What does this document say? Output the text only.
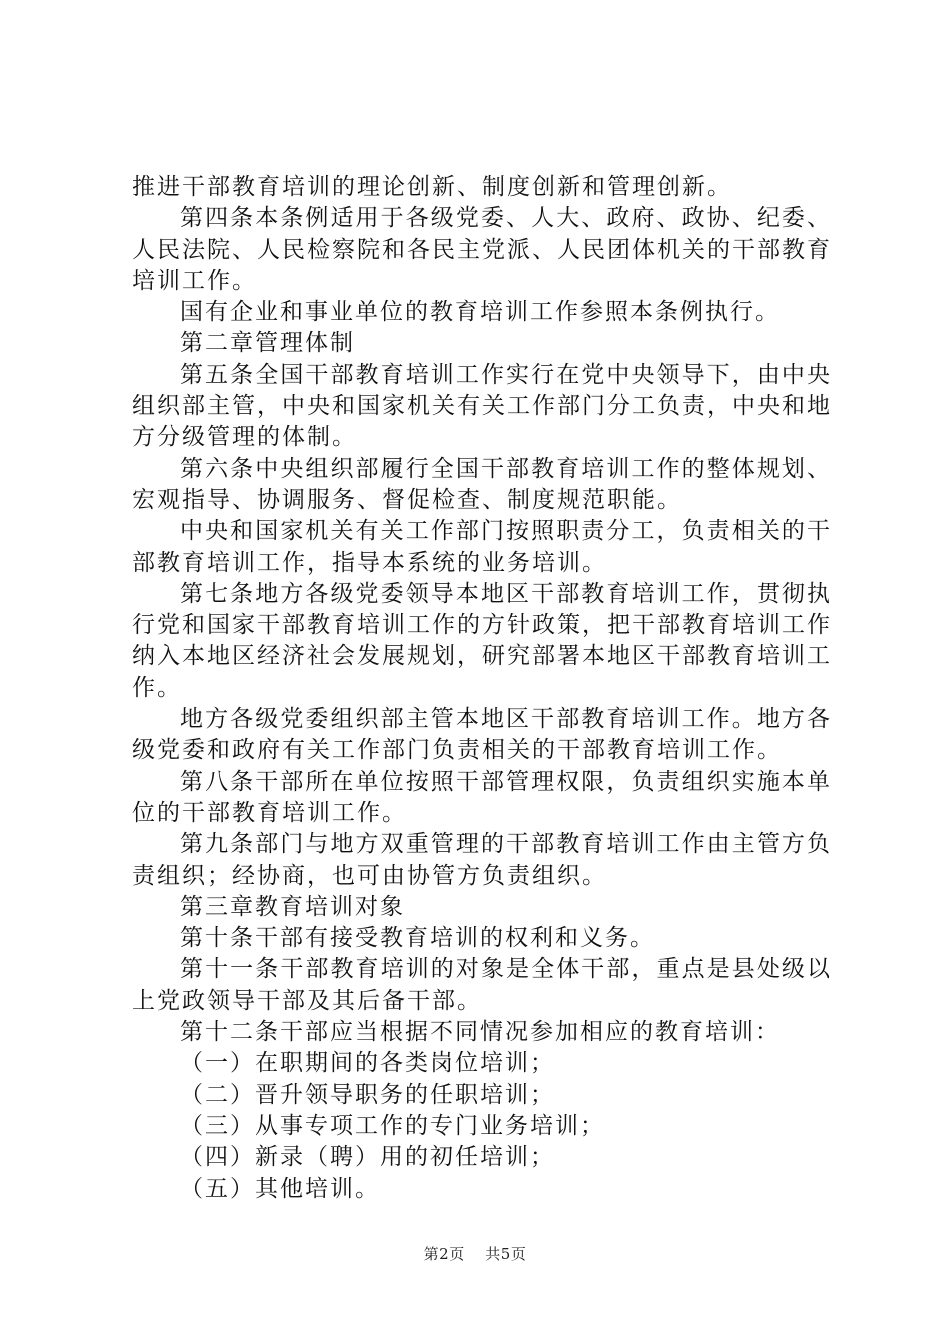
推进干部教育培训的理论创新、制度创新和管理创新。

第四条本条例适用于各级党委、人大、政府、政协、纪委、人民法院、人民检察院和各民主党派、人民团体机关的干部教育培训工作。

国有企业和事业单位的教育培训工作参照本条例执行。

第二章管理体制

第五条全国干部教育培训工作实行在党中央领导下，由中央组织部主管，中央和国家机关有关工作部门分工负责，中央和地方分级管理的体制。

第六条中央组织部履行全国干部教育培训工作的整体规划、宏观指导、协调服务、督促检查、制度规范职能。

中央和国家机关有关工作部门按照职责分工，负责相关的干部教育培训工作，指导本系统的业务培训。

第七条地方各级党委领导本地区干部教育培训工作，贯彻执行党和国家干部教育培训工作的方针政策，把干部教育培训工作纳入本地区经济社会发展规划，研究部署本地区干部教育培训工作。

地方各级党委组织部主管本地区干部教育培训工作。地方各级党委和政府有关工作部门负责相关的干部教育培训工作。

第八条干部所在单位按照干部管理权限，负责组织实施本单位的干部教育培训工作。

第九条部门与地方双重管理的干部教育培训工作由主管方负责组织；经协商，也可由协管方负责组织。

第三章教育培训对象

第十条干部有接受教育培训的权利和义务。

第十一条干部教育培训的对象是全体干部，重点是县处级以上党政领导干部及其后备干部。

第十二条干部应当根据不同情况参加相应的教育培训：

（一）在职期间的各类岗位培训；

（二）晋升领导职务的任职培训；

（三）从事专项工作的专门业务培训；

（四）新录（聘）用的初任培训；

（五）其他培训。

第2页 共5页
